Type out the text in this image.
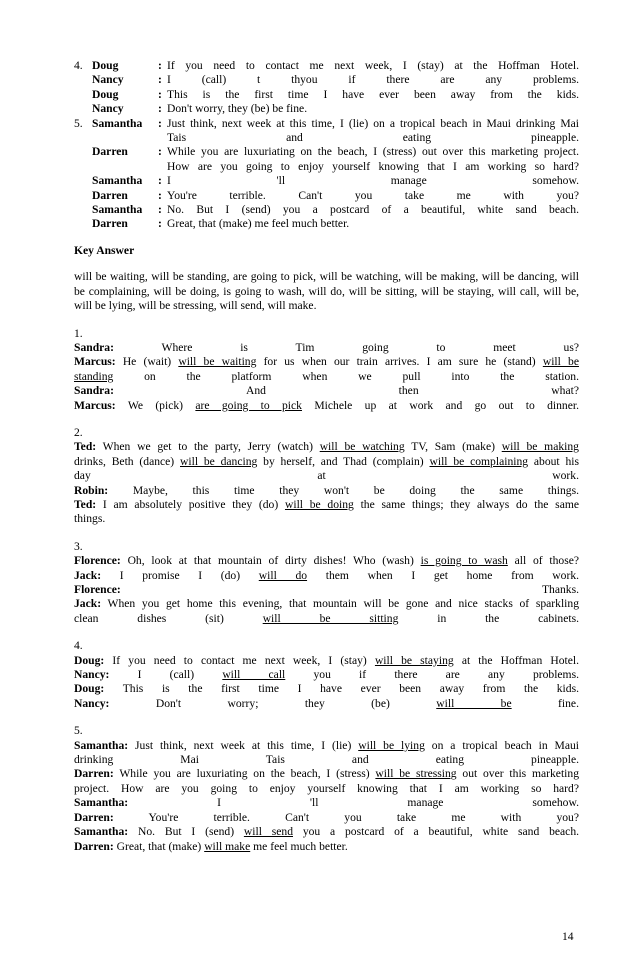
4. Doug	: If you need to contact me next week, I (stay) at the Hoffman Hotel.
Nancy	: I (call) t thyou if there are any problems.
Doug	: This is the first time I have ever been away from the kids.
Nancy	: Don't worry, they (be) be fine.
5. Samantha	: Just think, next week at this time, I (lie) on a tropical beach in Maui drinking Mai
Tais and eating pineapple.
Darren	: While you are luxuriating on the beach, I (stress) out over this marketing project.
How are you going to enjoy yourself knowing that I am working so hard?
Samantha	: I 'll manage somehow.
Darren	: You're terrible. Can't you take me with you?
Samantha	: No. But I (send) you a postcard of a beautiful, white sand beach.
Darren	: Great, that (make) me feel much better.
Key Answer
will be waiting, will be standing, are going to pick, will be watching, will be making, will be dancing, will be complaining, will be doing, is going to wash, will do, will be sitting, will be staying, will call, will be, will be lying, will be stressing, will send, will make.
1.
Sandra:	Where is Tim going to meet us?
Marcus: He (wait) will be waiting for us when our train arrives. I am sure he (stand) will be
standing	on the platform when we pull into the station.
Sandra:	And then what?
Marcus: We (pick) are going to pick Michele up at work and go out to dinner.
2.
Ted: When we get to the party, Jerry (watch) will be watching TV, Sam (make) will be making
drinks, Beth (dance) will be dancing by herself, and Thad (complain) will be complaining about his
day at work.
Robin: Maybe, this time they won't be doing the same things.
Ted: I am absolutely positive they (do) will be doing the same things; they always do the same
things.
3.
Florence: Oh, look at that mountain of dirty dishes! Who (wash) is going to wash all of those?
Jack: I promise I (do) will do them when I get home from work.
Florence:	Thanks.
Jack: When you get home this evening, that mountain will be gone and nice stacks of sparkling
clean dishes (sit)	will be sitting	in the cabinets.
4.
Doug: If you need to contact me next week, I (stay) will be staying at the Hoffman Hotel.
Nancy: I (call) will call you if there are any problems.
Doug: This is the first time I have ever been away from the kids.
Nancy:	Don't worry; they (be)	will be	fine.
5.
Samantha: Just think, next week at this time, I (lie) will be lying on a tropical beach in Maui
drinking Mai Tais and eating pineapple.
Darren: While you are luxuriating on the beach, I (stress) will be stressing out over this marketing
project. How are you going to enjoy yourself knowing that I am working so hard?
Samantha:	I 'll manage somehow.
Darren:	You're terrible. Can't you take me with you?
Samantha: No. But I (send) will send you a postcard of a beautiful, white sand beach.
Darren: Great, that (make) will make me feel much better.
14
